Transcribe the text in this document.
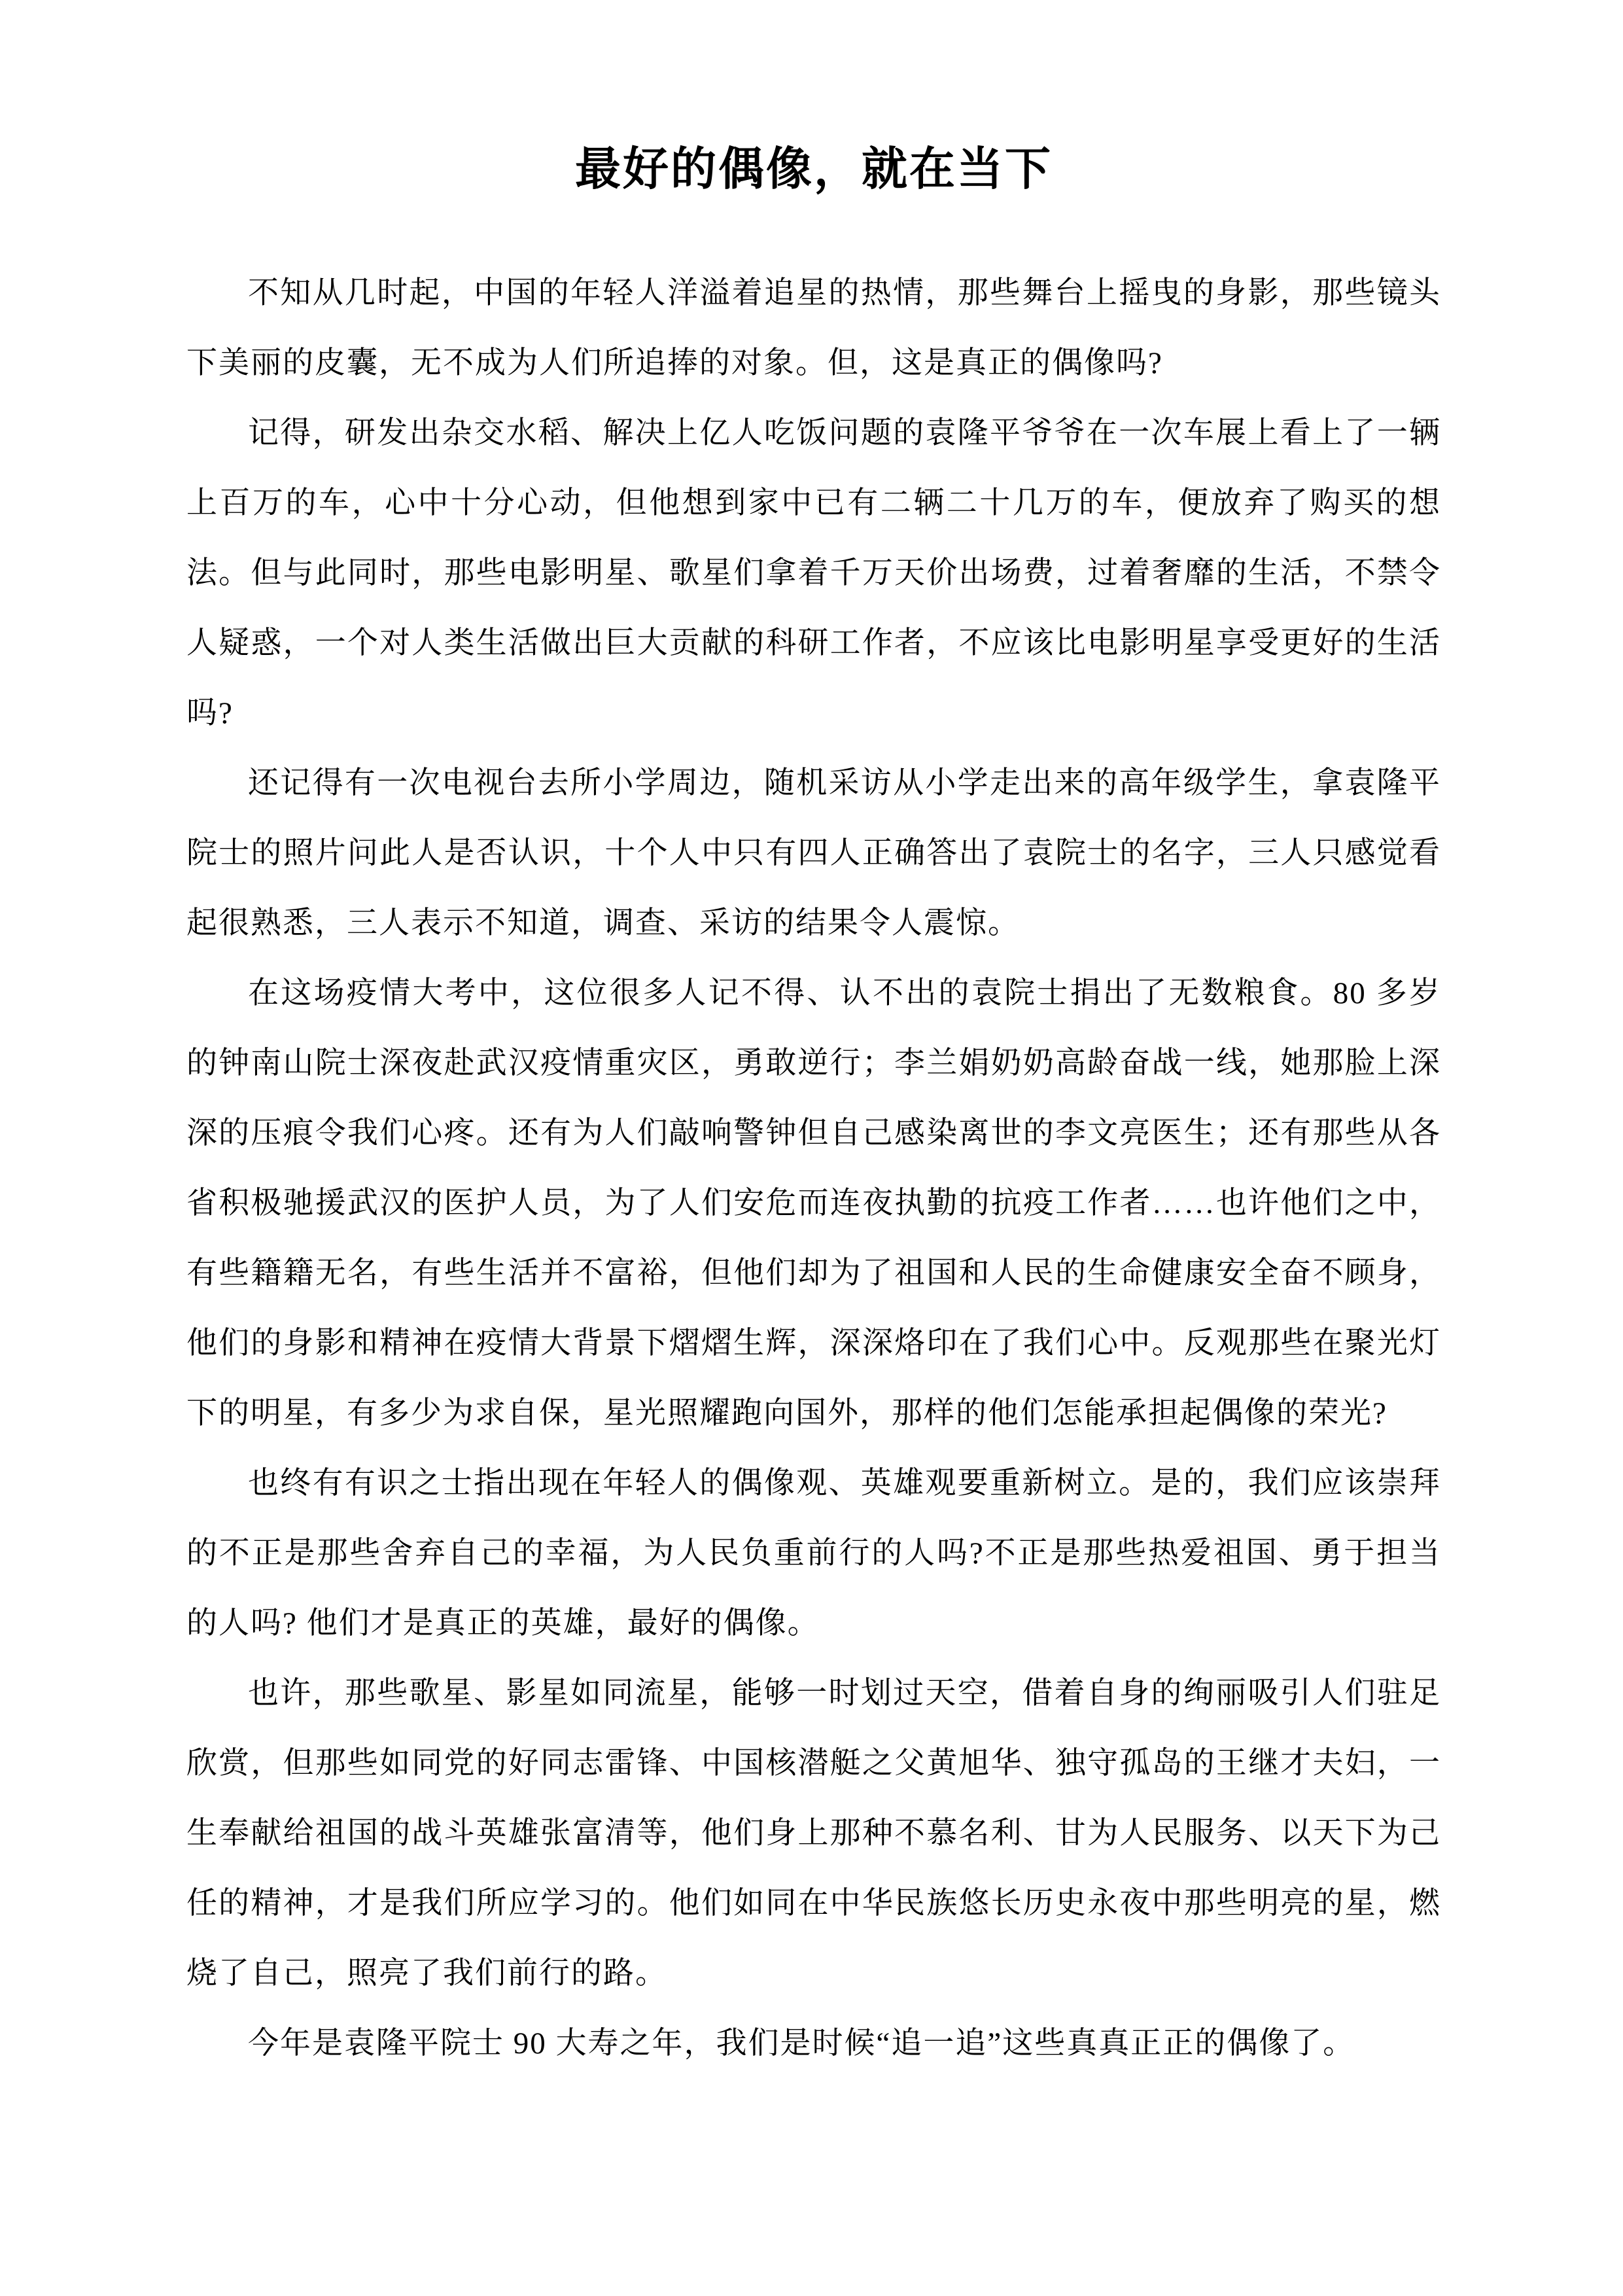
最好的偶像，就在当下

不知从几时起，中国的年轻人洋溢着追星的热情，那些舞台上摇曳的身影，那些镜头下美丽的皮囊，无不成为人们所追捧的对象。但，这是真正的偶像吗?

记得，研发出杂交水稻、解决上亿人吃饭问题的袁隆平爷爷在一次车展上看上了一辆上百万的车，心中十分心动，但他想到家中已有二辆二十几万的车，便放弃了购买的想法。但与此同时，那些电影明星、歌星们拿着千万天价出场费，过着奢靡的生活，不禁令人疑惑，一个对人类生活做出巨大贡献的科研工作者，不应该比电影明星享受更好的生活吗?

还记得有一次电视台去所小学周边，随机采访从小学走出来的高年级学生，拿袁隆平院士的照片问此人是否认识，十个人中只有四人正确答出了袁院士的名字，三人只感觉看起很熟悉，三人表示不知道，调查、采访的结果令人震惊。

在这场疫情大考中，这位很多人记不得、认不出的袁院士捐出了无数粮食。80 多岁的钟南山院士深夜赴武汉疫情重灾区，勇敢逆行；李兰娟奶奶高龄奋战一线，她那脸上深深的压痕令我们心疼。还有为人们敲响警钟但自己感染离世的李文亮医生；还有那些从各省积极驰援武汉的医护人员，为了人们安危而连夜执勤的抗疫工作者……也许他们之中，有些籍籍无名，有些生活并不富裕，但他们却为了祖国和人民的生命健康安全奋不顾身，他们的身影和精神在疫情大背景下熠熠生辉，深深烙印在了我们心中。反观那些在聚光灯下的明星，有多少为求自保，星光照耀跑向国外，那样的他们怎能承担起偶像的荣光?

也终有有识之士指出现在年轻人的偶像观、英雄观要重新树立。是的，我们应该崇拜的不正是那些舍弃自己的幸福，为人民负重前行的人吗?不正是那些热爱祖国、勇于担当的人吗? 他们才是真正的英雄，最好的偶像。

也许，那些歌星、影星如同流星，能够一时划过天空，借着自身的绚丽吸引人们驻足欣赏，但那些如同党的好同志雷锋、中国核潜艇之父黄旭华、独守孤岛的王继才夫妇，一生奉献给祖国的战斗英雄张富清等，他们身上那种不慕名利、甘为人民服务、以天下为己任的精神，才是我们所应学习的。他们如同在中华民族悠长历史永夜中那些明亮的星，燃烧了自己，照亮了我们前行的路。

今年是袁隆平院士 90 大寿之年，我们是时候“追一追”这些真真正正的偶像了。
